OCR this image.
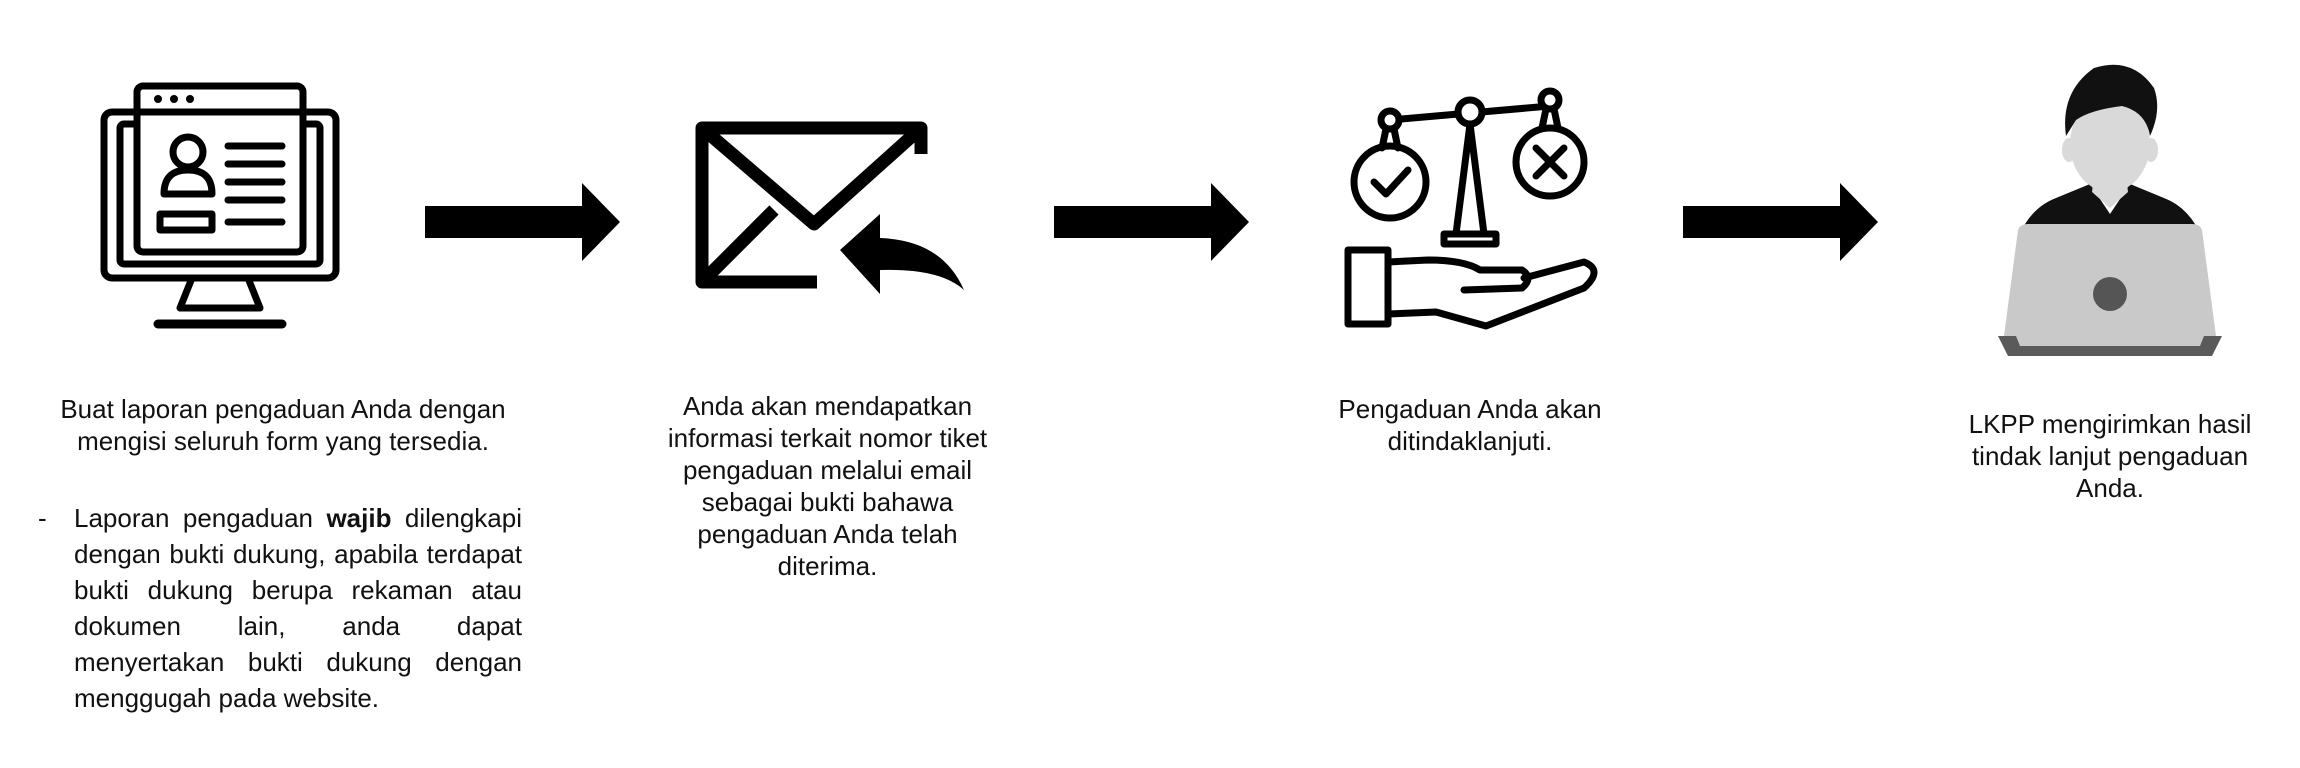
Buat laporan pengaduan Anda dengan mengisi seluruh form yang tersedia.
Anda akan mendapatkan informasi terkait nomor tiket pengaduan melalui email sebagai bukti bahawa pengaduan Anda telah diterima.
Pengaduan Anda akan ditindaklanjuti.
LKPP mengirimkan hasil tindak lanjut pengaduan Anda.
- Laporan pengaduan wajib dilengkapi dengan bukti dukung, apabila terdapat bukti dukung berupa rekaman atau dokumen lain, anda dapat menyertakan bukti dukung dengan menggugah pada website.
